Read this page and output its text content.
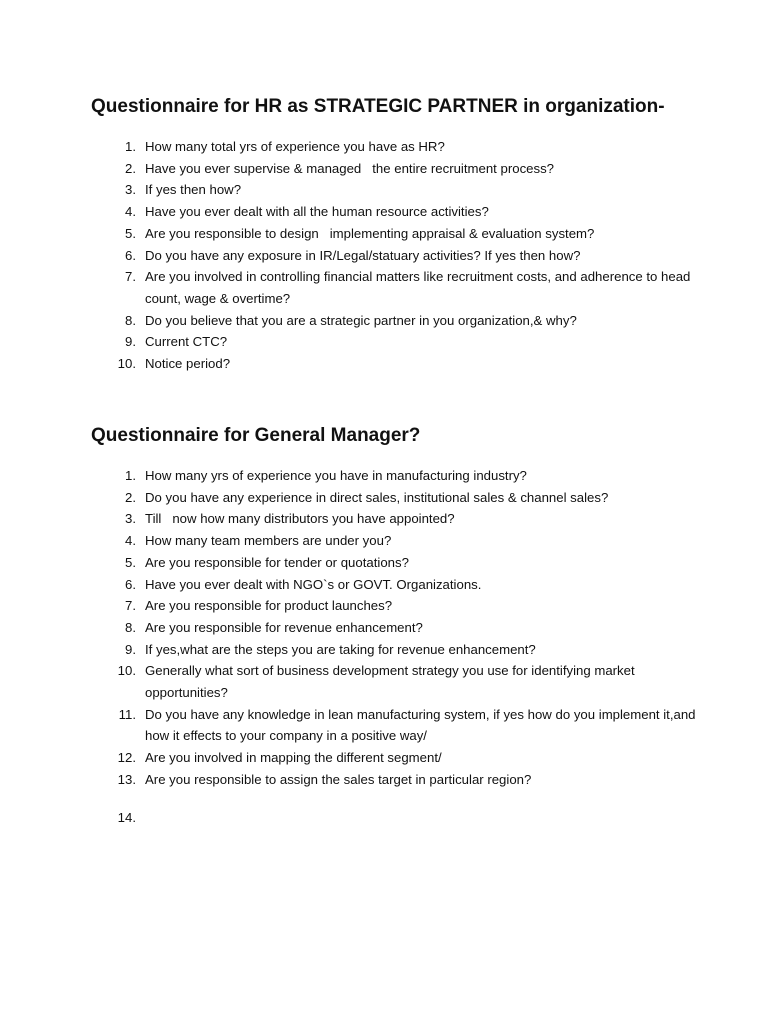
Questionnaire for HR as STRATEGIC PARTNER in organization-
1. How many total yrs of experience you have as HR?
2. Have you ever supervise & managed   the entire recruitment process?
3. If yes then how?
4. Have you ever dealt with all the human resource activities?
5. Are you responsible to design   implementing appraisal & evaluation system?
6. Do you have any exposure in IR/Legal/statuary activities? If yes then how?
7. Are you involved in controlling financial matters like recruitment costs, and adherence to head count, wage & overtime?
8. Do you believe that you are a strategic partner in you organization,& why?
9. Current CTC?
10. Notice period?
Questionnaire for General Manager?
1. How many yrs of experience you have in manufacturing industry?
2. Do you have any experience in direct sales, institutional sales & channel sales?
3. Till   now how many distributors you have appointed?
4. How many team members are under you?
5. Are you responsible for tender or quotations?
6. Have you ever dealt with NGO`s or GOVT. Organizations.
7. Are you responsible for product launches?
8. Are you responsible for revenue enhancement?
9. If yes,what are the steps you are taking for revenue enhancement?
10. Generally what sort of business development strategy you use for identifying market opportunities?
11. Do you have any knowledge in lean manufacturing system, if yes how do you implement it,and how it effects to your company in a positive way/
12. Are you involved in mapping the different segment/
13. Are you responsible to assign the sales target in particular region?
14.
